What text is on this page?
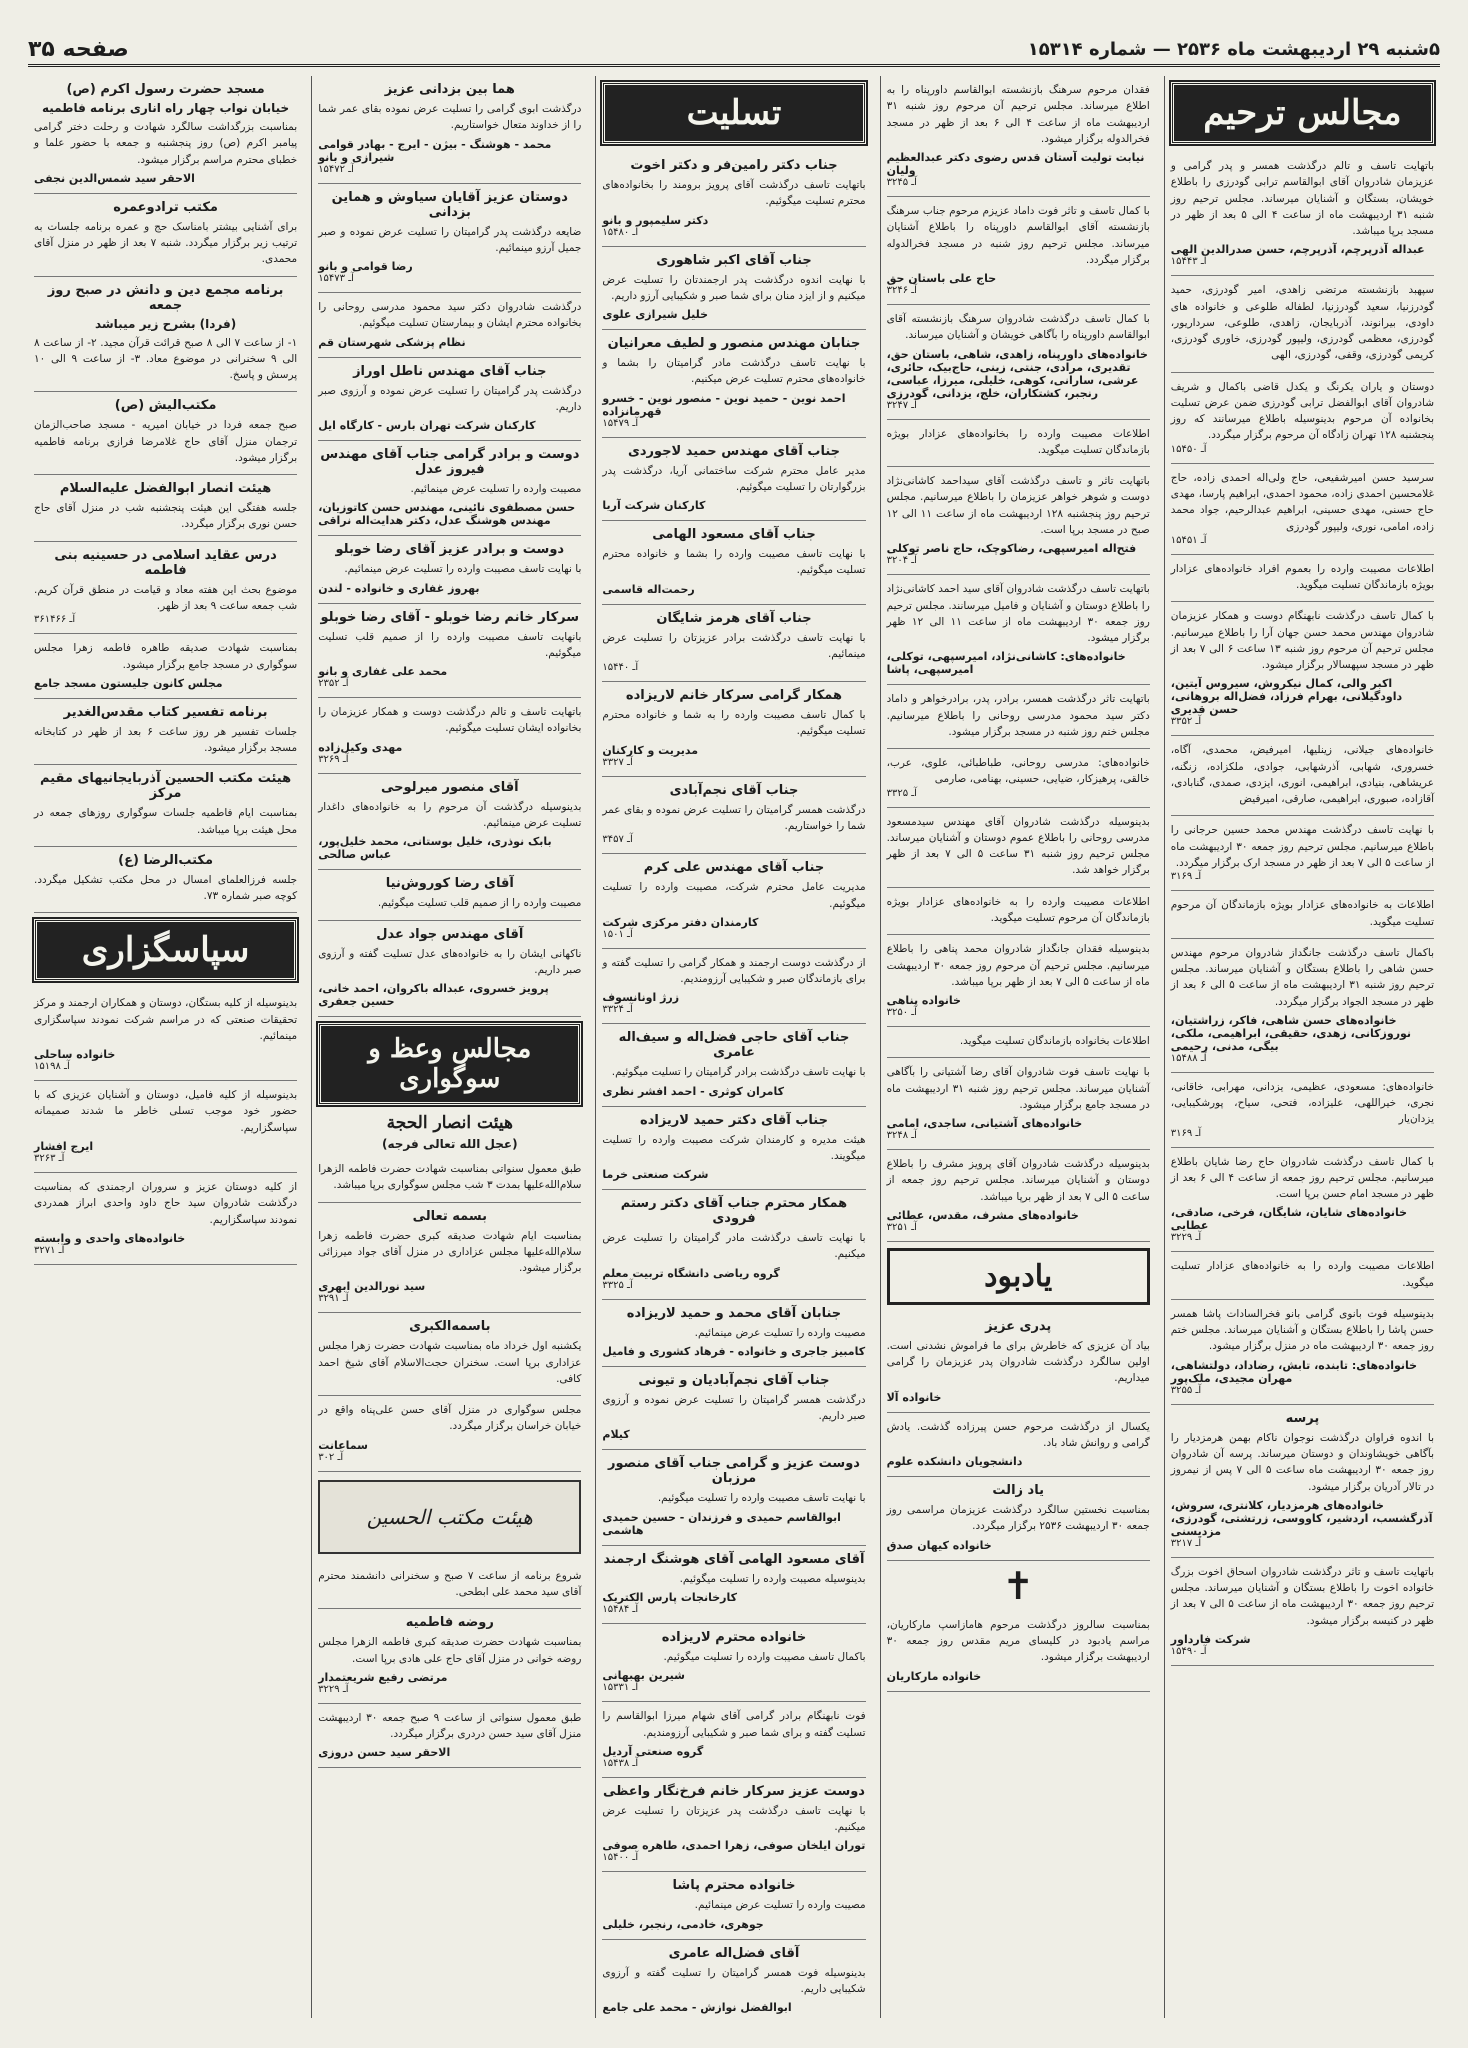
۵شنبه ۲۹ اردیبهشت ماه ۲۵۳۶ — شماره ۱۵۳۱۴
صفحه ۳۵
مجالس ترحیم

باتهایت تاسف و تالم درگذشت همسر و پدر گرامی و عزیزمان شادروان آقای ابوالقاسم ترابی گودرزی را باطلاع خویشان، بستگان و آشنایان میرساند. مجلس ترحیم روز شنبه ۳۱ اردیبهشت ماه از ساعت ۴ الی ۵ بعد از ظهر در مسجد برپا میباشد.

عبداله آذرپرچم، آذرپرچم، حسن صدرالدین الهی
آـ ۱۵۴۴۳

سپهبد بازنشسته مرتضی زاهدی، امیر گودرزی، حمید گودرزنیا، سعید گودرزنیا، لطفاله طلوعی و خانواده های داودی، بیرانوند، آذربایجان، زاهدی، طلوعی، سرداریور، گودرزی، معظمی گودرزی، ولیپور گودرزی، خاوری گودرزی، کریمی گودرزی، وقفی، گودرزی، الهی

دوستان و یاران یکرنگ و یکدل قاضی باکمال و شریف شادروان آقای ابوالفضل ترابی گودرزی ضمن عرض تسلیت بخانواده آن مرحوم بدینوسیله باطلاع میرسانند که روز پنجشنبه ۱۲۸ تهران زادگاه آن مرحوم برگزار میگردد.

آـ ۱۵۴۵۰

سرسید حسن امیرشفیعی، حاج ولی‌اله احمدی زاده، حاج غلامحسین احمدی زاده، محمود احمدی، ابراهیم پارسا، مهدی حاج حسنی، مهدی حسینی، ابراهیم عبدالرحیم، جواد محمد زاده، امامی، نوری، ولیپور گودرزی

آـ ۱۵۴۵۱

اطلاعات مصیبت وارده را بعموم افراد خانواده‌های عزادار بویژه بازماندگان تسلیت میگوید.

با کمال تاسف درگذشت نابهنگام دوست و همکار عزیزمان شادروان مهندس محمد حسن جهان آرا را باطلاع میرسانیم. مجلس ترحیم آن مرحوم روز شنبه ۱۳ ساعت ۶ الی ۷ بعد از ظهر در مسجد سپهسالار برگزار میشود.

اکبر والی، کمال نیکروش، سیروس آیتین، داودگیلانی، بهرام فرزاد، فضل‌اله بروهانی، حسن قدیری
آـ ۳۳۵۲

خانواده‌های جیلانی، زینلیها، امیرفیض، محمدی، آگاه، خسروری، شهابی، آذرشهابی، جوادی، ملکزاده، زنگنه، عریشاهی، بنیادی، ابراهیمی، انوری، ایزدی، صمدی، گنابادی، آقازاده، صبوری، ابراهیمی، صارقی، امیرفیض

با نهایت تاسف درگذشت مهندس محمد حسین حرجانی را باطلاع میرسانیم. مجلس ترحیم روز جمعه ۳۰ اردیبهشت ماه از ساعت ۵ الی ۷ بعد از ظهر در مسجد ارک برگزار میگردد.

آـ ۳۱۶۹

اطلاعات به خانواده‌های عزادار بویژه بازماندگان آن مرحوم تسلیت میگوید.

باکمال تاسف درگذشت جانگداز شادروان مرحوم مهندس حسن شاهی را باطلاع بستگان و آشنایان میرساند. مجلس ترحیم روز شنبه ۳۱ اردیبهشت ماه از ساعت ۵ الی ۶ بعد از ظهر در مسجد الجواد برگزار میگردد.

خانواده‌های حسن شاهی، فاکر، زراشتیان، نوروزکانی، زهدی، حقیقی، ابراهیمی، ملکی، بیگی، مدنی، رحیمی
آـ ۱۵۴۸۸

خانواده‌های: مسعودی، عظیمی، یزدانی، مهرابی، خاقانی، نجری، خیراللهی، علیزاده، فتحی، سیاح، پورشکیبایی، یزدان‌یار

آـ ۳۱۶۹

با کمال تاسف درگذشت شادروان حاج رضا شایان باطلاع میرسانیم. مجلس ترحیم روز جمعه از ساعت ۴ الی ۶ بعد از ظهر در مسجد امام حسن برپا است.

خانواده‌های شایان، شایگان، فرخی، صادقی، عطایی
آـ ۳۲۲۹

اطلاعات مصیبت وارده را به خانواده‌های عزادار تسلیت میگوید.

بدینوسیله فوت بانوی گرامی بانو فخرالسادات پاشا همسر حسن پاشا را باطلاع بستگان و آشنایان میرساند. مجلس ختم روز جمعه ۳۰ اردیبهشت ماه در منزل برگزار میشود.

خانواده‌های: تابنده، تابش، رضاداد، دولتشاهی، مهران مجیدی، ملک‌پور
آـ ۳۲۵۵
پرسه

با اندوه فراوان درگذشت نوجوان ناکام بهمن هرمزدیار را بآگاهی خویشاوندان و دوستان میرساند. پرسه آن شادروان روز جمعه ۳۰ اردیبهشت ماه ساعت ۵ الی ۷ پس از نیمروز در تالار آدریان برگزار میشود.

خانواده‌های هرمزدیار، کلانتری، سروش، آذرگشسب، اردشیر، کاووسی، زرتشتی، گودرزی، مزدیسنی
آـ ۳۲۱۷

باتهایت تاسف و تاثر درگذشت شادروان اسحاق اخوت بزرگ خانواده اخوت را باطلاع بستگان و آشنایان میرساند. مجلس ترحیم روز جمعه ۳۰ اردیبهشت ماه از ساعت ۵ الی ۷ بعد از ظهر در کنیسه برگزار میشود.

شرکت فارداور
آـ ۱۵۴۹۰

فقدان مرحوم سرهنگ بازنشسته ابوالقاسم داورپناه را به اطلاع میرساند. مجلس ترحیم آن مرحوم روز شنبه ۳۱ اردیبهشت ماه از ساعت ۴ الی ۶ بعد از ظهر در مسجد فخرالدوله برگزار میشود.

نیابت تولیت آستان قدس رضوی دکتر عبدالعظیم ولیان
آـ ۳۲۴۵

با کمال تاسف و تاثر فوت داماد عزیزم مرحوم جناب سرهنگ بازنشسته آقای ابوالقاسم داورپناه را باطلاع آشنایان میرساند. مجلس ترحیم روز شنبه در مسجد فخرالدوله برگزار میگردد.

حاج علی باستان حق
آـ ۳۲۴۶

با کمال تاسف درگذشت شادروان سرهنگ بازنشسته آقای ابوالقاسم داورپناه را بآگاهی خویشان و آشنایان میرساند.

خانواده‌های داورپناه، زاهدی، شاهی، باستان حق، تقدیری، مرادی، جنتی، زینی، حاج‌بیک، حائری، عرشی، سارانی، کوهی، خلیلی، میرزا، عباسی، رنجبر، کشتکاران، خلج، یزدانی، گودرزی
آـ ۳۲۴۷

اطلاعات مصیبت وارده را بخانواده‌های عزادار بویژه بازماندگان تسلیت میگوید.

باتهایت تاثر و تاسف درگذشت آقای سیداحمد کاشانی‌نژاد دوست و شوهر خواهر عزیزمان را باطلاع میرسانیم. مجلس ترحیم روز پنجشنبه ۱۲۸ اردیبهشت ماه از ساعت ۱۱ الی ۱۲ صبح در مسجد برپا است.

فتح‌اله امیرسپهی، رضاکوچک، حاج ناصر توکلی
آـ ۳۲۰۴

باتهایت تاسف درگذشت شادروان آقای سید احمد کاشانی‌نژاد را باطلاع دوستان و آشنایان و فامیل میرسانند. مجلس ترحیم روز جمعه ۳۰ اردیبهشت ماه از ساعت ۱۱ الی ۱۲ ظهر برگزار میشود.

خانواده‌های: کاشانی‌نژاد، امیرسپهی، توکلی، امیرسپهی، پاشا

باتهایت تاثر درگذشت همسر، برادر، پدر، برادرخواهر و داماد دکتر سید محمود مدرسی روحانی را باطلاع میرسانیم. مجلس ختم روز شنبه در مسجد برگزار میشود.

خانواده‌های: مدرسی روحانی، طباطبائی، علوی، عرب، خالقی، پرهیزکار، ضیایی، حسینی، بهنامی، صارمی

آـ ۳۳۲۵

بدینوسیله درگذشت شادروان آقای مهندس سیدمسعود مدرسی روحانی را باطلاع عموم دوستان و آشنایان میرساند. مجلس ترحیم روز شنبه ۳۱ ساعت ۵ الی ۷ بعد از ظهر برگزار خواهد شد.

اطلاعات مصیبت وارده را به خانواده‌های عزادار بویژه بازماندگان آن مرحوم تسلیت میگوید.

بدینوسیله فقدان جانگداز شادروان محمد پناهی را باطلاع میرسانیم. مجلس ترحیم آن مرحوم روز جمعه ۳۰ اردیبهشت ماه از ساعت ۵ الی ۷ بعد از ظهر برپا میباشد.

خانواده پناهی
آـ ۳۲۵۰

اطلاعات بخانواده بازماندگان تسلیت میگوید.

با نهایت تاسف فوت شادروان آقای رضا آشتیانی را بآگاهی آشنایان میرساند. مجلس ترحیم روز شنبه ۳۱ اردیبهشت ماه در مسجد جامع برگزار میشود.

خانواده‌های آشتیانی، ساجدی، امامی
آـ ۳۲۴۸

بدینوسیله درگذشت شادروان آقای پرویز مشرف را باطلاع دوستان و آشنایان میرساند. مجلس ترحیم روز جمعه از ساعت ۵ الی ۷ بعد از ظهر برپا میباشد.

خانواده‌های مشرف، مقدس، عطائی
آـ ۳۲۵۱
یادبود
پدری عزیز

بیاد آن عزیزی که خاطرش برای ما فراموش نشدنی است. اولین سالگرد درگذشت شادروان پدر عزیزمان را گرامی میداریم.

خانواده آلا

یکسال از درگذشت مرحوم حسن پیرزاده گذشت. یادش گرامی و روانش شاد باد.

دانشجویان دانشکده علوم
یاد زالت

بمناسبت نخستین سالگرد درگذشت عزیزمان مراسمی روز جمعه ۳۰ اردیبهشت ۲۵۳۶ برگزار میگردد.

خانواده کیهان صدق
✝

بمناسبت سالروز درگذشت مرحوم هامازاسپ مارکاریان، مراسم یادبود در کلیسای مریم مقدس روز جمعه ۳۰ اردیبهشت برگزار میشود.

خانواده مارکاریان
تسلیت
جناب دکتر رامین‌فر و دکتر اخوت

باتهایت تاسف درگذشت آقای پرویز برومند را بخانواده‌های محترم تسلیت میگوئیم.

دکتر سلیمپور و بانو
آـ ۱۵۴۸۰
جناب آقای اکبر شاهوری

با نهایت اندوه درگذشت پدر ارجمندتان را تسلیت عرض میکنیم و از ایزد منان برای شما صبر و شکیبایی آرزو داریم.

خلیل شیرازی علوی
جنابان مهندس منصور و لطیف معرانیان

با نهایت تاسف درگذشت مادر گرامیتان را بشما و خانواده‌های محترم تسلیت عرض میکنیم.

احمد نوین - حمید نوین - منصور نوین - خسرو قهرمانزاده
آـ ۱۵۴۷۹
جناب آقای مهندس حمید لاجوردی

مدیر عامل محترم شرکت ساختمانی آریا، درگذشت پدر بزرگوارتان را تسلیت میگوئیم.

کارکنان شرکت آریا
جناب آقای مسعود الهامی

با نهایت تاسف مصیبت وارده را بشما و خانواده محترم تسلیت میگوئیم.

رحمت‌اله قاسمی
جناب آقای هرمز شایگان

با نهایت تاسف درگذشت برادر عزیزتان را تسلیت عرض مینمائیم.

آـ ۱۵۴۴۰
همکار گرامی سرکار خانم لاریزاده

با کمال تاسف مصیبت وارده را به شما و خانواده محترم تسلیت میگوئیم.

مدیریت و کارکنان
آـ ۳۳۲۷
جناب آقای نجم‌آبادی

درگذشت همسر گرامیتان را تسلیت عرض نموده و بقای عمر شما را خواستاریم.

آـ ۳۴۵۷
جناب آقای مهندس علی کرم

مدیریت عامل محترم شرکت، مصیبت وارده را تسلیت میگوئیم.

کارمندان دفتر مرکزی شرکت
آـ ۱۵۰۱

از درگذشت دوست ارجمند و همکار گرامی را تسلیت گفته و برای بازماندگان صبر و شکیبایی آرزومندیم.

زرژ اونانسوف
آـ ۳۳۲۴
جناب آقای حاجی فضل‌اله و سیف‌اله عامری

با نهایت تاسف درگذشت برادر گرامیتان را تسلیت میگوئیم.

کامران کوثری - احمد افشر نظری
جناب آقای دکتر حمید لاریزاده

هیئت مدیره و کارمندان شرکت مصیبت وارده را تسلیت میگویند.

شرکت صنعتی خرما
همکار محترم جناب آقای دکتر رستم فرودی

با نهایت تاسف درگذشت مادر گرامیتان را تسلیت عرض میکنیم.

گروه ریاضی دانشگاه تربیت معلم
آـ ۳۳۲۵
جنابان آقای محمد و حمید لاریزاده

مصیبت وارده را تسلیت عرض مینمائیم.

کامبیز جاجری و خانواده - فرهاد کشوری و فامیل
جناب آقای نجم‌آبادیان و تیونی

درگذشت همسر گرامیتان را تسلیت عرض نموده و آرزوی صبر داریم.

کیلام
دوست عزیز و گرامی جناب آقای منصور مرزبان

با نهایت تاسف مصیبت وارده را تسلیت میگوئیم.

ابوالقاسم حمیدی و فرزندان - حسین حمیدی هاشمی
آقای مسعود الهامی آقای هوشنگ ارجمند

بدینوسیله مصیبت وارده را تسلیت میگوئیم.

کارخانجات پارس الکتریک
آـ ۱۵۴۸۴
خانواده محترم لاریزاده

باکمال تاسف مصیبت وارده را تسلیت میگوئیم.

شیرین بهبهانی
آـ ۱۵۳۳۱

فوت نابهنگام برادر گرامی آقای شهام میرزا ابوالقاسم را تسلیت گفته و برای شما صبر و شکیبایی آرزومندیم.

گروه صنعتی آردیل
آـ ۱۵۴۳۸
دوست عزیز سرکار خانم فرخ‌نگار واعظی

با نهایت تاسف درگذشت پدر عزیزتان را تسلیت عرض میکنیم.

توران ایلخان صوفی، زهرا احمدی، طاهره صوفی
آـ ۱۵۴۰۰
خانواده محترم پاشا

مصیبت وارده را تسلیت عرض مینمائیم.

جوهری، خادمی، رنجبر، خلیلی
آقای فضل‌اله عامری

بدینوسیله فوت همسر گرامیتان را تسلیت گفته و آرزوی شکیبایی داریم.

ابوالفضل نوازش - محمد علی جامع
هما بین بزدانی عزیز

درگذشت ابوی گرامی را تسلیت عرض نموده بقای عمر شما را از خداوند متعال خواستاریم.

محمد - هوشنگ - بیژن - ایرج - بهادر قوامی شیرازی و بانو
آـ ۱۵۴۷۲
دوستان عزیز آقایان سیاوش و هماین بزدانی

ضایعه درگذشت پدر گرامیتان را تسلیت عرض نموده و صبر جمیل آرزو مینمائیم.

رضا قوامی و بانو
آـ ۱۵۴۷۳

درگذشت شادروان دکتر سید محمود مدرسی روحانی را بخانواده محترم ایشان و بیمارستان تسلیت میگوئیم.

نظام پزشکی شهرستان قم
جناب آقای مهندس ناطل اوراز

درگذشت پدر گرامیتان را تسلیت عرض نموده و آرزوی صبر داریم.

کارکنان شرکت تهران بارس - کارگاه ایل
دوست و برادر گرامی جناب آقای مهندس فیروز عدل

مصیبت وارده را تسلیت عرض مینمائیم.

حسن مصطفوی نائینی، مهندس حسن کاتوزیان، مهندس هوشنگ عدل، دکتر هدایت‌اله نراقی
دوست و برادر عزیز آقای رضا خوبلو

با نهایت تاسف مصیبت وارده را تسلیت عرض مینمائیم.

بهروز غفاری و خانواده - لندن
سرکار خانم رضا خوبلو - آقای رضا خوبلو

بانهایت تاسف مصیبت وارده را از صمیم قلب تسلیت میگوئیم.

محمد علی غفاری و بانو
آـ ۲۳۵۲

باتهایت تاسف و تالم درگذشت دوست و همکار عزیزمان را بخانواده ایشان تسلیت میگوئیم.

مهدی وکیل‌زاده
آـ ۳۲۶۹
آقای منصور میرلوحی

بدینوسیله درگذشت آن مرحوم را به خانواده‌های داغدار تسلیت عرض مینمائیم.

بابک نوذری، خلیل بوستانی، محمد خلیل‌پور، عباس صالحی
آقای رضا کوروش‌نیا

مصیبت وارده را از صمیم قلب تسلیت میگوئیم.

آقای مهندس جواد عدل

ناکهانی ایشان را به خانواده‌های عدل تسلیت گفته و آرزوی صبر داریم.

پرویز خسروی، عبداله باکروان، احمد خانی، حسین جعفری
مجالس وعظ و سوگواری
هیئت انصار الحجة
(عجل الله تعالی فرجه)

طبق معمول سنواتی بمناسبت شهادت حضرت فاطمه الزهرا سلام‌الله‌علیها بمدت ۳ شب مجلس سوگواری برپا میباشد.

بسمه تعالی

بمناسبت ایام شهادت صدیقه کبری حضرت فاطمه زهرا سلام‌الله‌علیها مجلس عزاداری در منزل آقای جواد میرزائی برگزار میشود.

سید نورالدین ابهری
آـ ۳۲۹۱
باسمه‌الکبری

یکشنبه اول خرداد ماه بمناسبت شهادت حضرت زهرا مجلس عزاداری برپا است. سخنران حجت‌الاسلام آقای شیخ احمد کافی.

مجلس سوگواری در منزل آقای حسن علی‌پناه واقع در خیابان خراسان برگزار میگردد.

سماعانت
آـ ۳۰۲
هیئت مکتب الحسین

شروع برنامه از ساعت ۷ صبح و سخنرانی دانشمند محترم آقای سید محمد علی ابطحی.

روضه فاطمیه

بمناسبت شهادت حضرت صدیقه کبری فاطمه الزهرا مجلس روضه خوانی در منزل آقای حاج علی هادی برپا است.

مرتضی رفیع شریعتمدار
آـ ۳۲۲۹

طبق معمول سنواتی از ساعت ۹ صبح جمعه ۳۰ اردیبهشت منزل آقای سید حسن دردری برگزار میگردد.

الاحقر سید حسن دروزی
مسجد حضرت رسول اکرم (ص)
خیابان نواب چهار راه اناری برنامه فاطمیه

بمناسبت بزرگداشت سالگرد شهادت و رحلت دختر گرامی پیامبر اکرم (ص) روز پنجشنبه و جمعه با حضور علما و خطبای محترم مراسم برگزار میشود.

الاحقر سید شمس‌الدین نجفی
مکتب ترادوعمره

برای آشنایی بیشتر بامناسک حج و عمره برنامه جلسات به ترتیب زیر برگزار میگردد. شنبه ۷ بعد از ظهر در منزل آقای محمدی.

برنامه مجمع دین و دانش در صبح روز جمعه
(فردا) بشرح زیر میباشد

۱- از ساعت ۷ الی ۸ صبح قرائت قرآن مجید. ۲- از ساعت ۸ الی ۹ سخنرانی در موضوع معاد. ۳- از ساعت ۹ الی ۱۰ پرسش و پاسخ.

مکتب‌الیش (ص)

صبح جمعه فردا در خیابان امیریه - مسجد صاحب‌الزمان ترجمان منزل آقای حاج غلامرضا فرازی برنامه فاطمیه برگزار میشود.

هیئت انصار ابوالفضل علیه‌السلام

جلسه هفتگی این هیئت پنجشنبه شب در منزل آقای حاج حسن نوری برگزار میگردد.

درس عقاید اسلامی در حسینیه بنی فاطمه

موضوع بحث این هفته معاد و قیامت در منطق قرآن کریم. شب جمعه ساعت ۹ بعد از ظهر.

آـ ۳۶۱۴۶۶

بمناسبت شهادت صدیقه طاهره فاطمه زهرا مجلس سوگواری در مسجد جامع برگزار میشود.

مجلس کانون جلیستون مسجد جامع
برنامه تفسیر کتاب مقدس‌الغدیر

جلسات تفسیر هر روز ساعت ۶ بعد از ظهر در کتابخانه مسجد برگزار میشود.

هیئت مکتب الحسین آذربایجانیهای مقیم مرکز

بمناسبت ایام فاطمیه جلسات سوگواری روزهای جمعه در محل هیئت برپا میباشد.

مکتب‌الرضا (ع)

جلسه فرزالعلمای امسال در محل مکتب تشکیل میگردد. کوچه صبر شماره ۷۳.

سپاسگزاری

بدینوسیله از کلیه بستگان، دوستان و همکاران ارجمند و مرکز تحقیقات صنعتی که در مراسم شرکت نمودند سپاسگزاری مینمائیم.

خانواده ساحلی
آـ ۱۵۱۹۸

بدینوسیله از کلیه فامیل، دوستان و آشنایان عزیزی که با حضور خود موجب تسلی خاطر ما شدند صمیمانه سپاسگزاریم.

ایرج افشار
آـ ۳۲۶۳

از کلیه دوستان عزیز و سروران ارجمندی که بمناسبت درگذشت شادروان سید حاج داود واحدی ابراز همدردی نمودند سپاسگزاریم.

خانواده‌های واحدی و وابسته
آـ ۳۲۷۱
